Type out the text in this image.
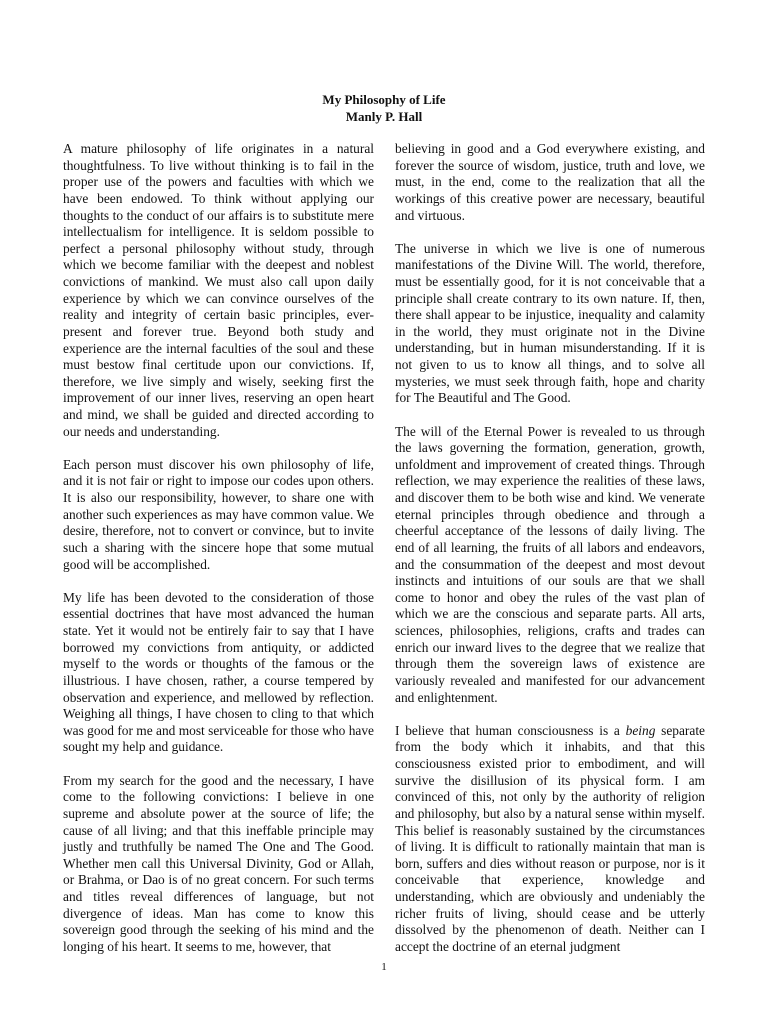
My Philosophy of Life
Manly P. Hall

A mature philosophy of life originates in a natural thoughtfulness. To live without thinking is to fail in the proper use of the powers and faculties with which we have been endowed. To think without applying our thoughts to the conduct of our affairs is to substitute mere intellectualism for intelligence. It is seldom possible to perfect a personal philosophy without study, through which we become familiar with the deepest and noblest convictions of mankind. We must also call upon daily experience by which we can convince ourselves of the reality and integrity of certain basic principles, ever-present and forever true. Beyond both study and experience are the internal faculties of the soul and these must bestow final certitude upon our convictions. If, therefore, we live simply and wisely, seeking first the improvement of our inner lives, reserving an open heart and mind, we shall be guided and directed according to our needs and understanding.

Each person must discover his own philosophy of life, and it is not fair or right to impose our codes upon others. It is also our responsibility, however, to share one with another such experiences as may have common value. We desire, therefore, not to convert or convince, but to invite such a sharing with the sincere hope that some mutual good will be accomplished.

My life has been devoted to the consideration of those essential doctrines that have most advanced the human state. Yet it would not be entirely fair to say that I have borrowed my convictions from antiquity, or addicted myself to the words or thoughts of the famous or the illustrious. I have chosen, rather, a course tempered by observation and experience, and mellowed by reflection. Weighing all things, I have chosen to cling to that which was good for me and most serviceable for those who have sought my help and guidance.

From my search for the good and the necessary, I have come to the following convictions: I believe in one supreme and absolute power at the source of life; the cause of all living; and that this ineffable principle may justly and truthfully be named The One and The Good. Whether men call this Universal Divinity, God or Allah, or Brahma, or Dao is of no great concern. For such terms and titles reveal differences of language, but not divergence of ideas. Man has come to know this sovereign good through the seeking of his mind and the longing of his heart. It seems to me, however, that

believing in good and a God everywhere existing, and forever the source of wisdom, justice, truth and love, we must, in the end, come to the realization that all the workings of this creative power are necessary, beautiful and virtuous.

The universe in which we live is one of numerous manifestations of the Divine Will. The world, therefore, must be essentially good, for it is not conceivable that a principle shall create contrary to its own nature. If, then, there shall appear to be injustice, inequality and calamity in the world, they must originate not in the Divine understanding, but in human misunderstanding. If it is not given to us to know all things, and to solve all mysteries, we must seek through faith, hope and charity for The Beautiful and The Good.

The will of the Eternal Power is revealed to us through the laws governing the formation, generation, growth, unfoldment and improvement of created things. Through reflection, we may experience the realities of these laws, and discover them to be both wise and kind. We venerate eternal principles through obedience and through a cheerful acceptance of the lessons of daily living. The end of all learning, the fruits of all labors and endeavors, and the consummation of the deepest and most devout instincts and intuitions of our souls are that we shall come to honor and obey the rules of the vast plan of which we are the conscious and separate parts. All arts, sciences, philosophies, religions, crafts and trades can enrich our inward lives to the degree that we realize that through them the sovereign laws of existence are variously revealed and manifested for our advancement and enlightenment.

I believe that human consciousness is a being separate from the body which it inhabits, and that this consciousness existed prior to embodiment, and will survive the disillusion of its physical form. I am convinced of this, not only by the authority of religion and philosophy, but also by a natural sense within myself. This belief is reasonably sustained by the circumstances of living. It is difficult to rationally maintain that man is born, suffers and dies without reason or purpose, nor is it conceivable that experience, knowledge and understanding, which are obviously and undeniably the richer fruits of living, should cease and be utterly dissolved by the phenomenon of death. Neither can I accept the doctrine of an eternal judgment

1
